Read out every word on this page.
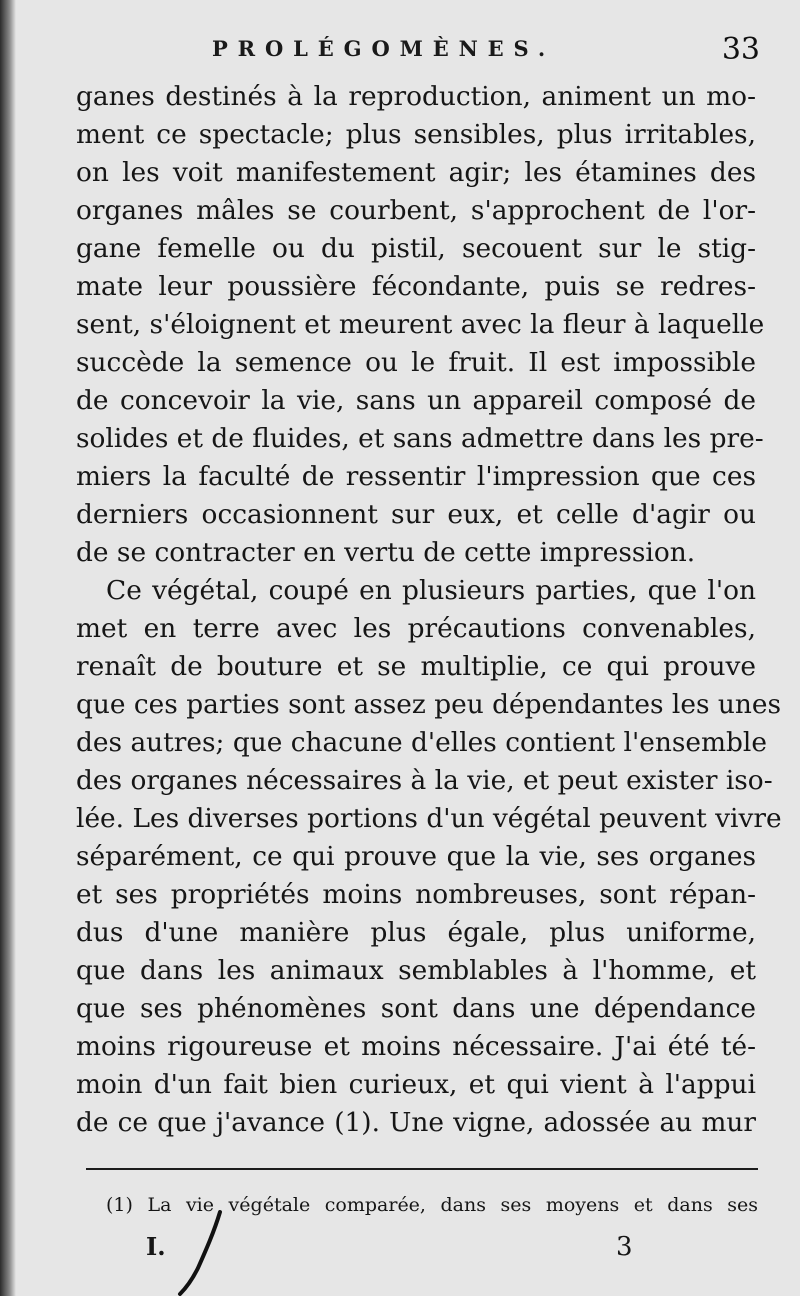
PROLÉGOMÈNES.	33
ganes destinés à la reproduction, animent un mo-
ment ce spectacle; plus sensibles, plus irritables,
on les voit manifestement agir; les étamines des
organes mâles se courbent, s'approchent de l'or-
gane femelle ou du pistil, secouent sur le stig-
mate leur poussière fécondante, puis se redres-
sent, s'éloignent et meurent avec la fleur à laquelle
succède la semence ou le fruit. Il est impossible
de concevoir la vie, sans un appareil composé de
solides et de fluides, et sans admettre dans les pre-
miers la faculté de ressentir l'impression que ces
derniers occasionnent sur eux, et celle d'agir ou
de se contracter en vertu de cette impression.
Ce végétal, coupé en plusieurs parties, que l'on
met en terre avec les précautions convenables,
renaît de bouture et se multiplie, ce qui prouve
que ces parties sont assez peu dépendantes les unes
des autres; que chacune d'elles contient l'ensemble
des organes nécessaires à la vie, et peut exister iso-
lée. Les diverses portions d'un végétal peuvent vivre
séparément, ce qui prouve que la vie, ses organes
et ses propriétés moins nombreuses, sont répan-
dus d'une manière plus égale, plus uniforme,
que dans les animaux semblables à l'homme, et
que ses phénomènes sont dans une dépendance
moins rigoureuse et moins nécessaire. J'ai été té-
moin d'un fait bien curieux, et qui vient à l'appui
de ce que j'avance (1). Une vigne, adossée au mur
(1) La vie végétale comparée, dans ses moyens et dans ses
I.	3
